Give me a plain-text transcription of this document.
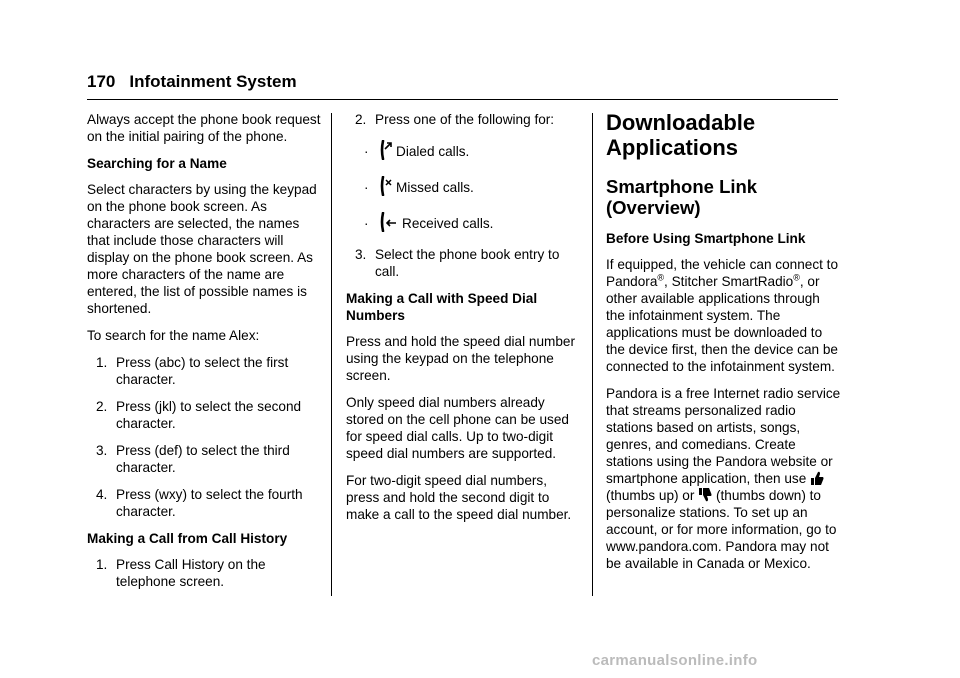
170 Infotainment System

Always accept the phone book request on the initial pairing of the phone.

Searching for a Name

Select characters by using the keypad on the phone book screen. As characters are selected, the names that include those characters will display on the phone book screen. As more characters of the name are entered, the list of possible names is shortened.

To search for the name Alex:

1. Press (abc) to select the first character.
2. Press (jkl) to select the second character.
3. Press (def) to select the third character.
4. Press (wxy) to select the fourth character.

Making a Call from Call History

1. Press Call History on the telephone screen.
2. Press one of the following for:
·	Dialed calls.
·	Missed calls.
·	Received calls.
3. Select the phone book entry to call.

Making a Call with Speed Dial Numbers

Press and hold the speed dial number using the keypad on the telephone screen.

Only speed dial numbers already stored on the cell phone can be used for speed dial calls. Up to two-digit speed dial numbers are supported.

For two-digit speed dial numbers, press and hold the second digit to make a call to the speed dial number.

Downloadable Applications
Smartphone Link (Overview)

Before Using Smartphone Link

If equipped, the vehicle can connect to Pandora®, Stitcher SmartRadio®, or other available applications through the infotainment system. The applications must be downloaded to the device first, then the device can be connected to the infotainment system.

Pandora is a free Internet radio service that streams personalized radio stations based on artists, songs, genres, and comedians. Create stations using the Pandora website or smartphone application, then use (thumbs up) or (thumbs down) to personalize stations. To set up an account, or for more information, go to www.pandora.com. Pandora may not be available in Canada or Mexico.

carmanualsonline.info
